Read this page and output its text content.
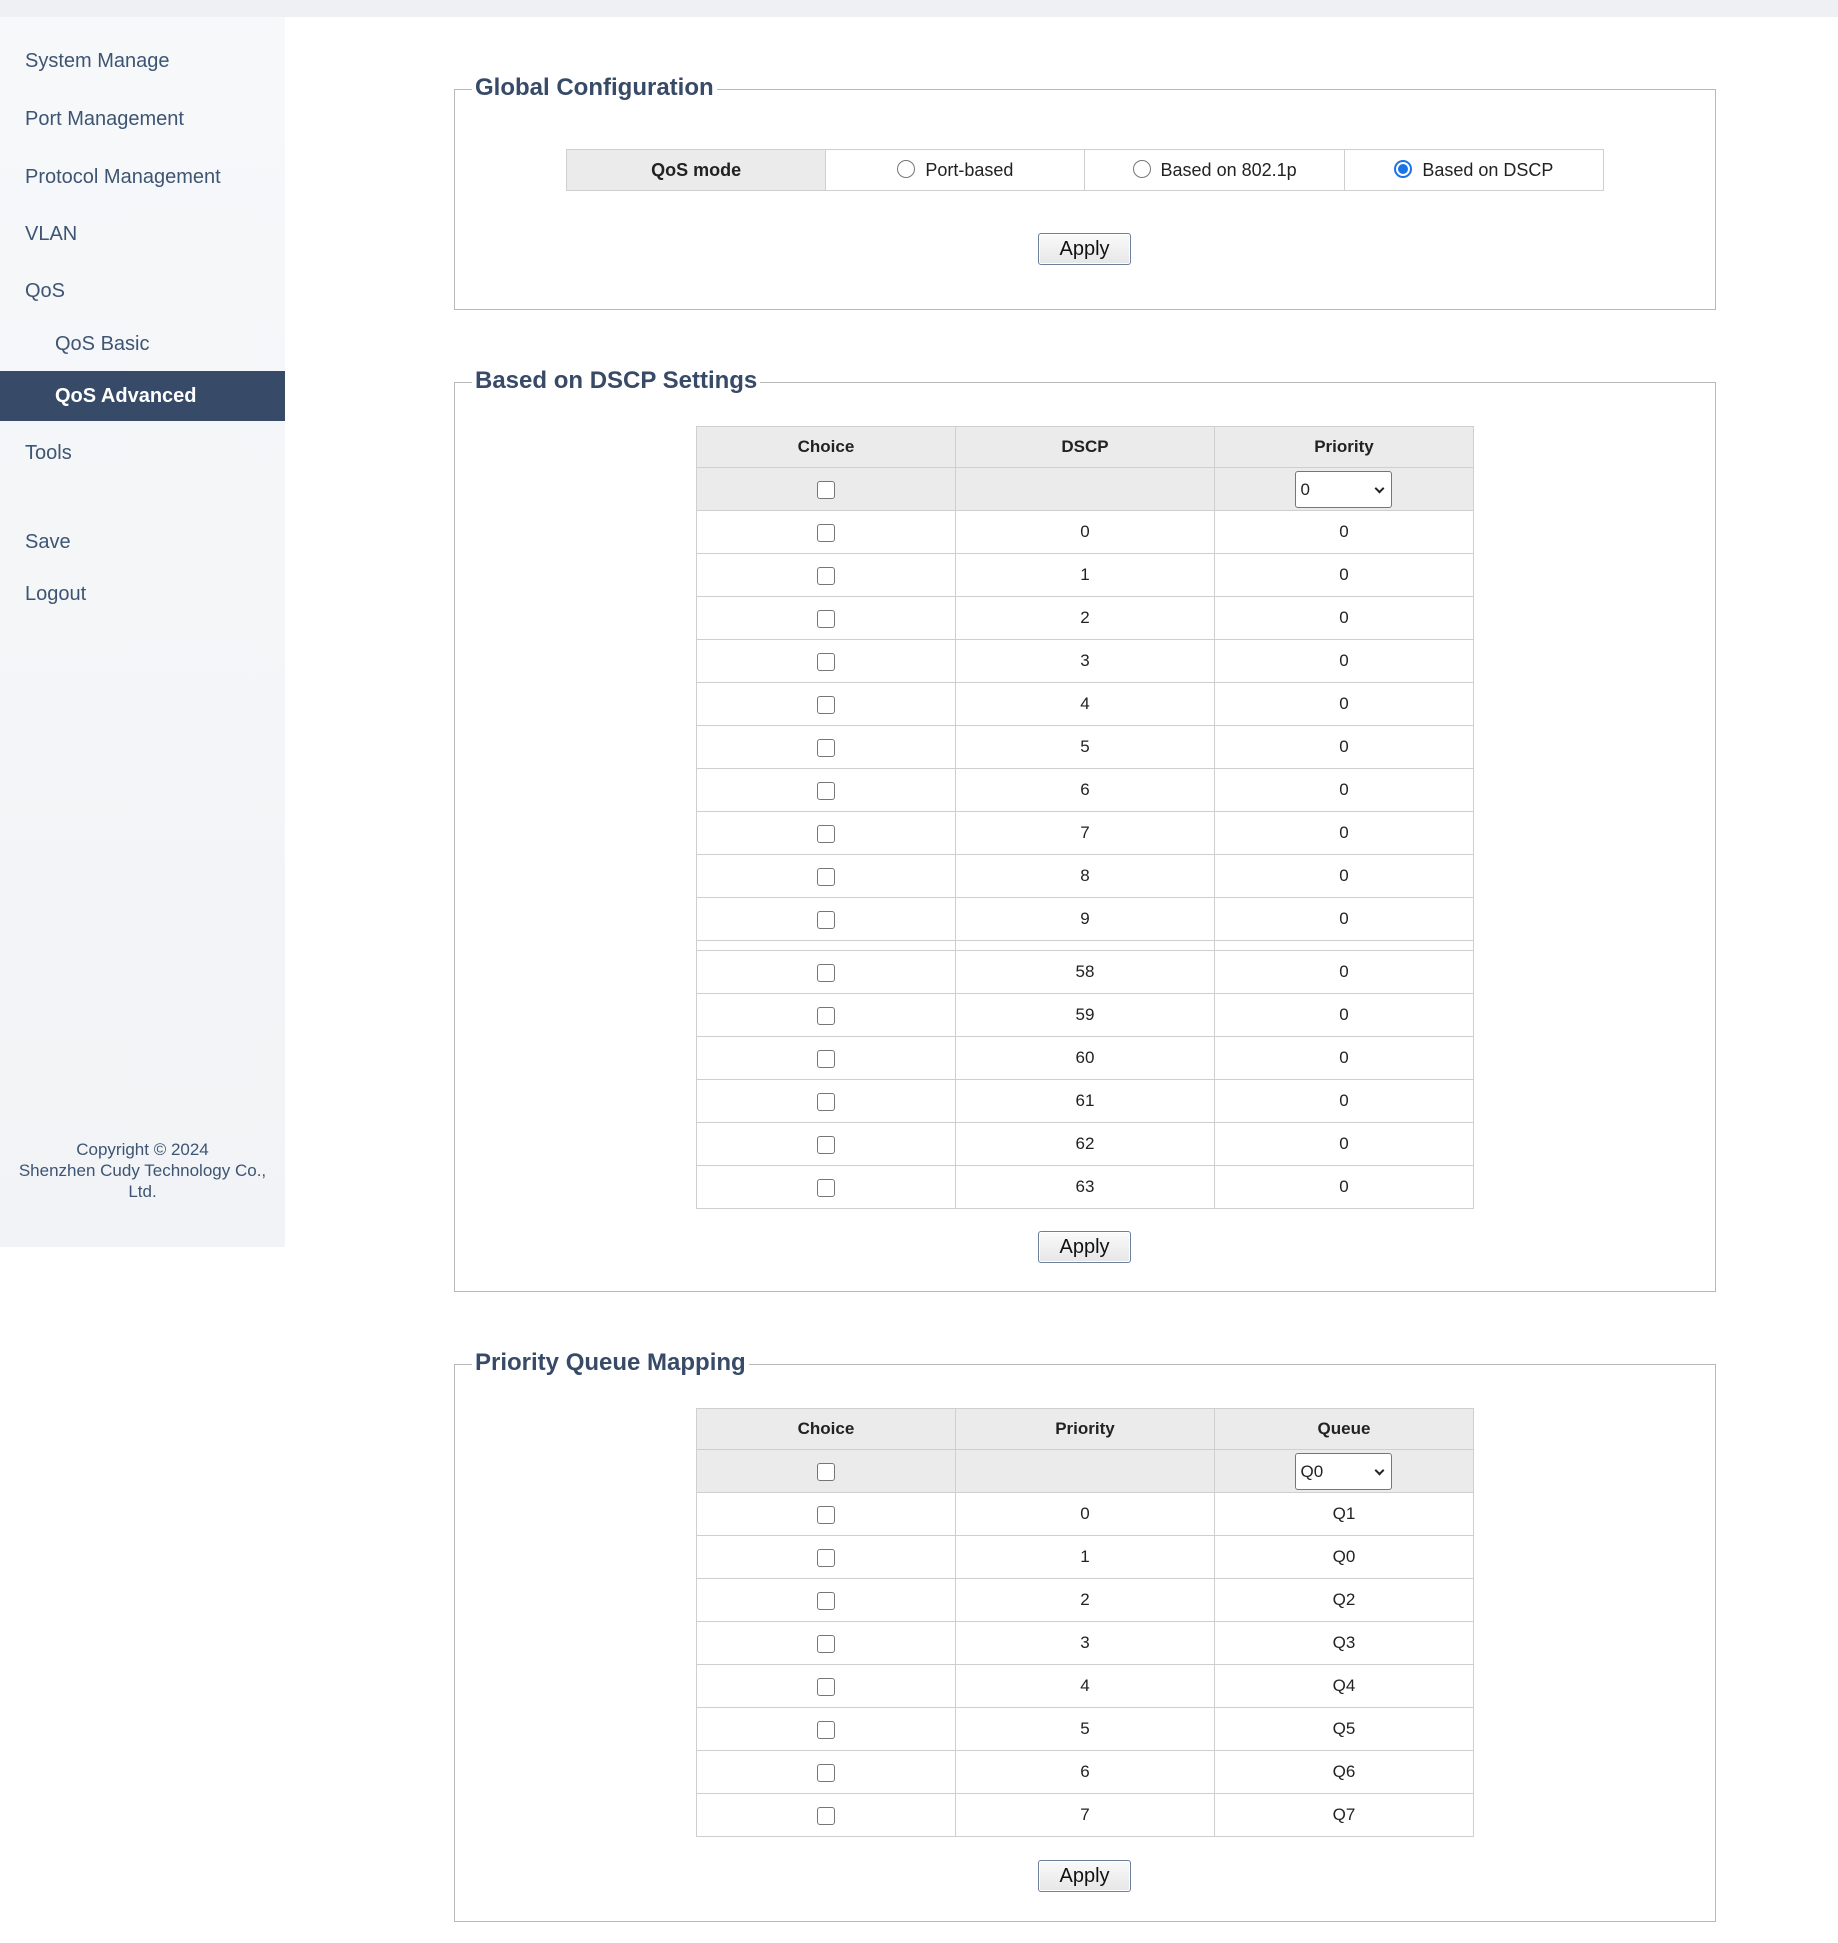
System Manage
Port Management
Protocol Management
VLAN
QoS
QoS Basic
QoS Advanced
Tools
Save
Logout
Copyright © 2024
Shenzhen Cudy Technology Co.,
Ltd.
Global Configuration
QoS mode	Port-based	Based on 802.1p	Based on DSCP
Apply
Based on DSCP Settings
Choice	DSCP	Priority
		0

	0	0
	1	0
	2	0
	3	0
	4	0
	5	0
	6	0
	7	0
	8	0
	9	0

	58	0
	59	0
	60	0
	61	0
	62	0
	63	0
Apply
Priority Queue Mapping
Choice	Priority	Queue
		Q0

	0	Q1
	1	Q0
	2	Q2
	3	Q3
	4	Q4
	5	Q5
	6	Q6
	7	Q7
Apply
